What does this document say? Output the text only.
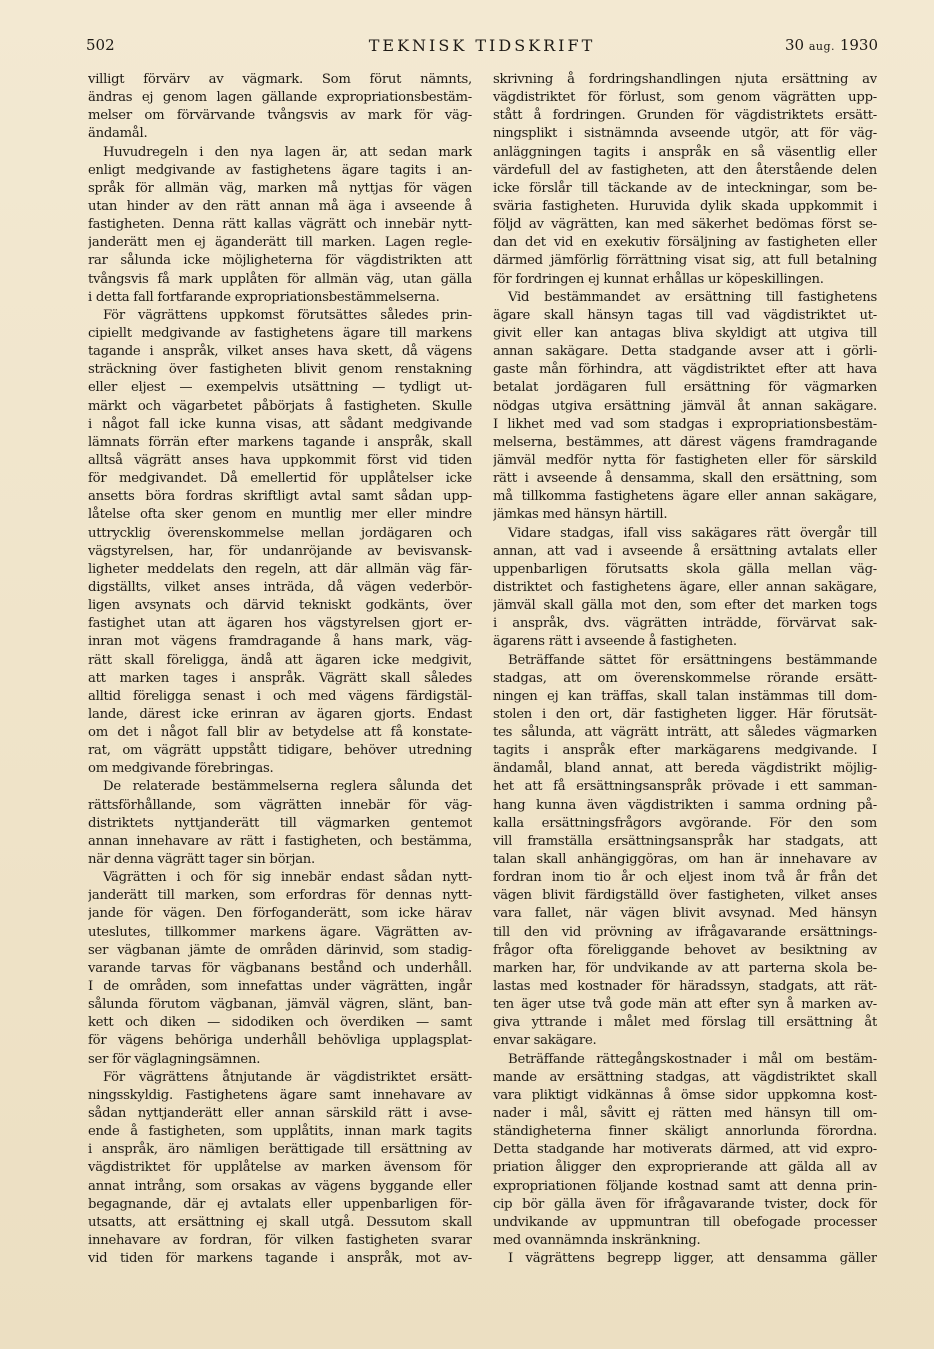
502	TEKNISK TIDSKRIFT	30 aug. 1930
villigt förvärv av vägmark. Som förut nämnts,
ändras ej genom lagen gällande expropriationsbestäm-
melser om förvärvande tvångsvis av mark för väg-
ändamål.
Huvudregeln i den nya lagen är, att sedan mark
enligt medgivande av fastighetens ägare tagits i an-
språk för allmän väg, marken må nyttjas för vägen
utan hinder av den rätt annan må äga i avseende å
fastigheten. Denna rätt kallas vägrätt och innebär nytt-
janderätt men ej äganderätt till marken. Lagen regle-
rar sålunda icke möjligheterna för vägdistrikten att
tvångsvis få mark upplåten för allmän väg, utan gälla
i detta fall fortfarande expropriationsbestämmelserna.
För vägrättens uppkomst förutsättes således prin-
cipiellt medgivande av fastighetens ägare till markens
tagande i anspråk, vilket anses hava skett, då vägens
sträckning över fastigheten blivit genom renstakning
eller eljest — exempelvis utsättning — tydligt ut-
märkt och vägarbetet påbörjats å fastigheten. Skulle
i något fall icke kunna visas, att sådant medgivande
lämnats förrän efter markens tagande i anspråk, skall
alltså vägrätt anses hava uppkommit först vid tiden
för medgivandet. Då emellertid för upplåtelser icke
ansetts böra fordras skriftligt avtal samt sådan upp-
låtelse ofta sker genom en muntlig mer eller mindre
uttrycklig överenskommelse mellan jordägaren och
vägstyrelsen, har, för undanröjande av bevisvansk-
ligheter meddelats den regeln, att där allmän väg fär-
digställts, vilket anses inträda, då vägen vederbör-
ligen avsynats och därvid tekniskt godkänts, över
fastighet utan att ägaren hos vägstyrelsen gjort er-
inran mot vägens framdragande å hans mark, väg-
rätt skall föreligga, ändå att ägaren icke medgivit,
att marken tages i anspråk. Vägrätt skall således
alltid föreligga senast i och med vägens färdigstäl-
lande, därest icke erinran av ägaren gjorts. Endast
om det i något fall blir av betydelse att få konstate-
rat, om vägrätt uppstått tidigare, behöver utredning
om medgivande förebringas.
De relaterade bestämmelserna reglera sålunda det
rättsförhållande, som vägrätten innebär för väg-
distriktets nyttjanderätt till vägmarken gentemot
annan innehavare av rätt i fastigheten, och bestämma,
när denna vägrätt tager sin början.
Vägrätten i och för sig innebär endast sådan nytt-
janderätt till marken, som erfordras för dennas nytt-
jande för vägen. Den förfoganderätt, som icke härav
uteslutes, tillkommer markens ägare. Vägrätten av-
ser vägbanan jämte de områden därinvid, som stadig-
varande tarvas för vägbanans bestånd och underhåll.
I de områden, som innefattas under vägrätten, ingår
sålunda förutom vägbanan, jämväl vägren, slänt, ban-
kett och diken — sidodiken och överdiken — samt
för vägens behöriga underhåll behövliga upplagsplat-
ser för väglagningsämnen.
För vägrättens åtnjutande är vägdistriktet ersätt-
ningsskyldig. Fastighetens ägare samt innehavare av
sådan nyttjanderätt eller annan särskild rätt i avse-
ende å fastigheten, som upplåtits, innan mark tagits
i anspråk, äro nämligen berättigade till ersättning av
vägdistriktet för upplåtelse av marken ävensom för
annat intrång, som orsakas av vägens byggande eller
begagnande, där ej avtalats eller uppenbarligen för-
utsatts, att ersättning ej skall utgå. Dessutom skall
innehavare av fordran, för vilken fastigheten svarar
vid tiden för markens tagande i anspråk, mot av-
skrivning å fordringshandlingen njuta ersättning av
vägdistriktet för förlust, som genom vägrätten upp-
stått å fordringen. Grunden för vägdistriktets ersätt-
ningsplikt i sistnämnda avseende utgör, att för väg-
anläggningen tagits i anspråk en så väsentlig eller
värdefull del av fastigheten, att den återstående delen
icke förslår till täckande av de inteckningar, som be-
sväria fastigheten. Huruvida dylik skada uppkommit i
följd av vägrätten, kan med säkerhet bedömas först se-
dan det vid en exekutiv försäljning av fastigheten eller
därmed jämförlig förrättning visat sig, att full betalning
för fordringen ej kunnat erhållas ur köpeskillingen.
Vid bestämmandet av ersättning till fastighetens
ägare skall hänsyn tagas till vad vägdistriktet ut-
givit eller kan antagas bliva skyldigt att utgiva till
annan sakägare. Detta stadgande avser att i görli-
gaste mån förhindra, att vägdistriktet efter att hava
betalat jordägaren full ersättning för vägmarken
nödgas utgiva ersättning jämväl åt annan sakägare.
I likhet med vad som stadgas i expropriationsbestäm-
melserna, bestämmes, att därest vägens framdragande
jämväl medför nytta för fastigheten eller för särskild
rätt i avseende å densamma, skall den ersättning, som
må tillkomma fastighetens ägare eller annan sakägare,
jämkas med hänsyn härtill.
Vidare stadgas, ifall viss sakägares rätt övergår till
annan, att vad i avseende å ersättning avtalats eller
uppenbarligen förutsatts skola gälla mellan väg-
distriktet och fastighetens ägare, eller annan sakägare,
jämväl skall gälla mot den, som efter det marken togs
i anspråk, dvs. vägrätten inträdde, förvärvat sak-
ägarens rätt i avseende å fastigheten.
Beträffande sättet för ersättningens bestämmande
stadgas, att om överenskommelse rörande ersätt-
ningen ej kan träffas, skall talan instämmas till dom-
stolen i den ort, där fastigheten ligger. Här förutsät-
tes sålunda, att vägrätt inträtt, att således vägmarken
tagits i anspråk efter markägarens medgivande. I
ändamål, bland annat, att bereda vägdistrikt möjlig-
het att få ersättningsanspråk prövade i ett samman-
hang kunna även vägdistrikten i samma ordning på-
kalla ersättningsfrågors avgörande. För den som
vill framställa ersättningsanspråk har stadgats, att
talan skall anhängiggöras, om han är innehavare av
fordran inom tio år och eljest inom två år från det
vägen blivit färdigställd över fastigheten, vilket anses
vara fallet, när vägen blivit avsynad. Med hänsyn
till den vid prövning av ifrågavarande ersättnings-
frågor ofta föreliggande behovet av besiktning av
marken har, för undvikande av att parterna skola be-
lastas med kostnader för häradssyn, stadgats, att rät-
ten äger utse två gode män att efter syn å marken av-
giva yttrande i målet med förslag till ersättning åt
envar sakägare.
Beträffande rättegångskostnader i mål om bestäm-
mande av ersättning stadgas, att vägdistriktet skall
vara pliktigt vidkännas å ömse sidor uppkomna kost-
nader i mål, såvitt ej rätten med hänsyn till om-
ständigheterna finner skäligt annorlunda förordna.
Detta stadgande har motiverats därmed, att vid expro-
priation åligger den exproprierande att gälda all av
expropriationen följande kostnad samt att denna prin-
cip bör gälla även för ifrågavarande tvister, dock för
undvikande av uppmuntran till obefogade processer
med ovannämnda inskränkning.
I vägrättens begrepp ligger, att densamma gäller
